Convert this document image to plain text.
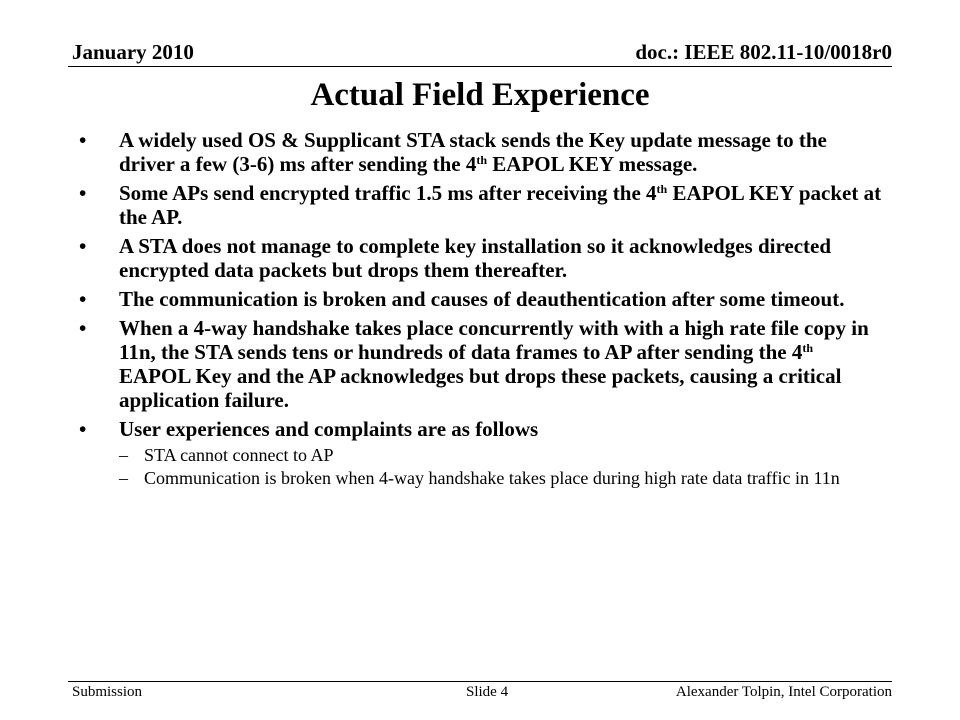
January 2010	doc.: IEEE 802.11-10/0018r0
Actual Field Experience
• A widely used OS & Supplicant STA stack sends the Key update message to the driver a few (3-6) ms after sending the 4th EAPOL KEY message.
• Some APs send encrypted traffic 1.5 ms after receiving the 4th EAPOL KEY packet at the AP.
• A STA does not manage to complete key installation so it acknowledges directed encrypted data packets but drops them thereafter.
• The communication is broken and causes of deauthentication after some timeout.
• When a 4-way handshake takes place concurrently with with a high rate file copy in 11n, the STA sends tens or hundreds of data frames to AP after sending the 4th EAPOL Key and the AP acknowledges but drops these packets, causing a critical application failure.
• User experiences and complaints are as follows
– STA cannot connect to AP
– Communication is broken when 4-way handshake takes place during high rate data traffic in 11n
Submission	Slide 4	Alexander Tolpin, Intel Corporation
